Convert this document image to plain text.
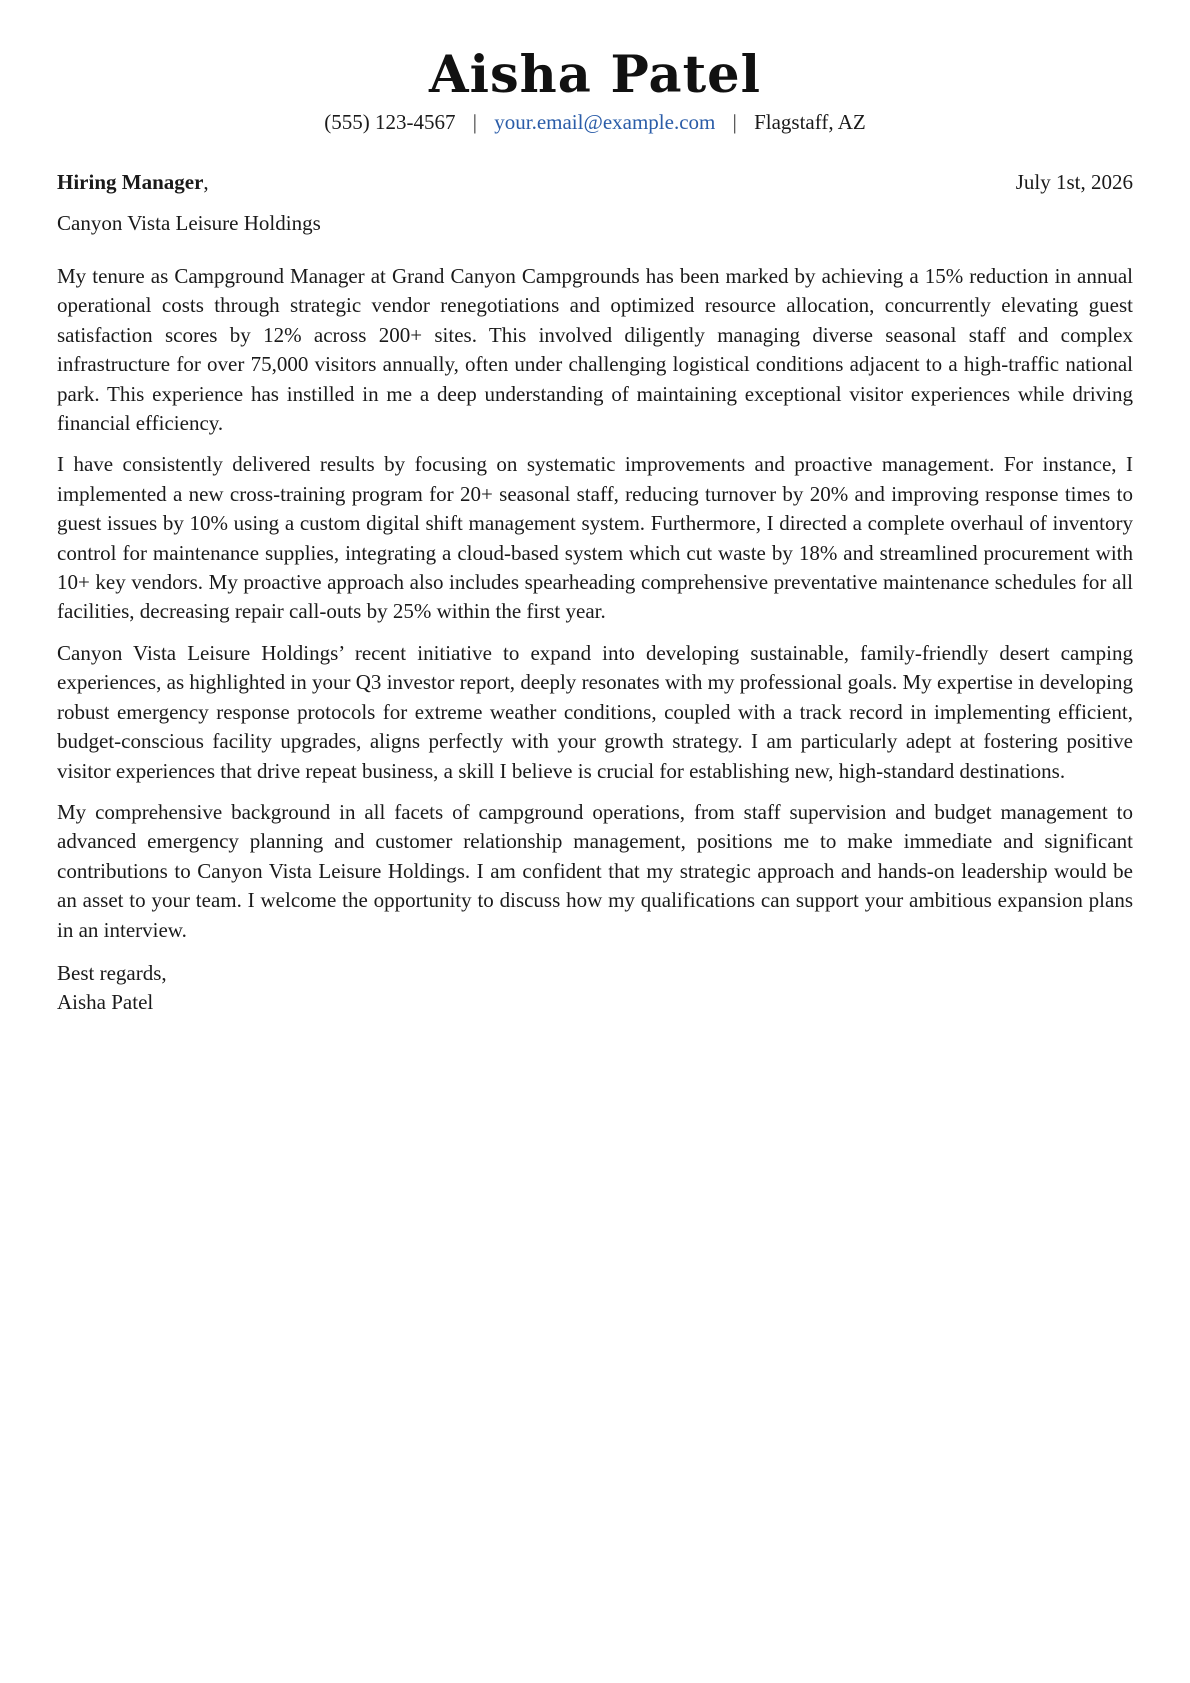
Aisha Patel
(555) 123-4567 | your.email@example.com | Flagstaff, AZ
Hiring Manager,	July 1st, 2026
Canyon Vista Leisure Holdings

My tenure as Campground Manager at Grand Canyon Campgrounds has been marked by achieving a 15% reduction in annual operational costs through strategic vendor renegotiations and optimized resource allocation, concurrently elevating guest satisfaction scores by 12% across 200+ sites. This involved diligently managing diverse seasonal staff and complex infrastructure for over 75,000 visitors annually, often under challenging logistical conditions adjacent to a high-traffic national park. This experience has instilled in me a deep understanding of maintaining exceptional visitor experiences while driving financial efficiency.

I have consistently delivered results by focusing on systematic improvements and proactive management. For instance, I implemented a new cross-training program for 20+ seasonal staff, reducing turnover by 20% and improving response times to guest issues by 10% using a custom digital shift management system. Furthermore, I directed a complete overhaul of inventory control for maintenance supplies, integrating a cloud-based system which cut waste by 18% and streamlined procurement with 10+ key vendors. My proactive approach also includes spearheading comprehensive preventative maintenance schedules for all facilities, decreasing repair call-outs by 25% within the first year.

Canyon Vista Leisure Holdings’ recent initiative to expand into developing sustainable, family-friendly desert camping experiences, as highlighted in your Q3 investor report, deeply resonates with my professional goals. My expertise in developing robust emergency response protocols for extreme weather conditions, coupled with a track record in implementing efficient, budget-conscious facility upgrades, aligns perfectly with your growth strategy. I am particularly adept at fostering positive visitor experiences that drive repeat business, a skill I believe is crucial for establishing new, high-standard destinations.

My comprehensive background in all facets of campground operations, from staff supervision and budget management to advanced emergency planning and customer relationship management, positions me to make immediate and significant contributions to Canyon Vista Leisure Holdings. I am confident that my strategic approach and hands-on leadership would be an asset to your team. I welcome the opportunity to discuss how my qualifications can support your ambitious expansion plans in an interview.

Best regards,
Aisha Patel
